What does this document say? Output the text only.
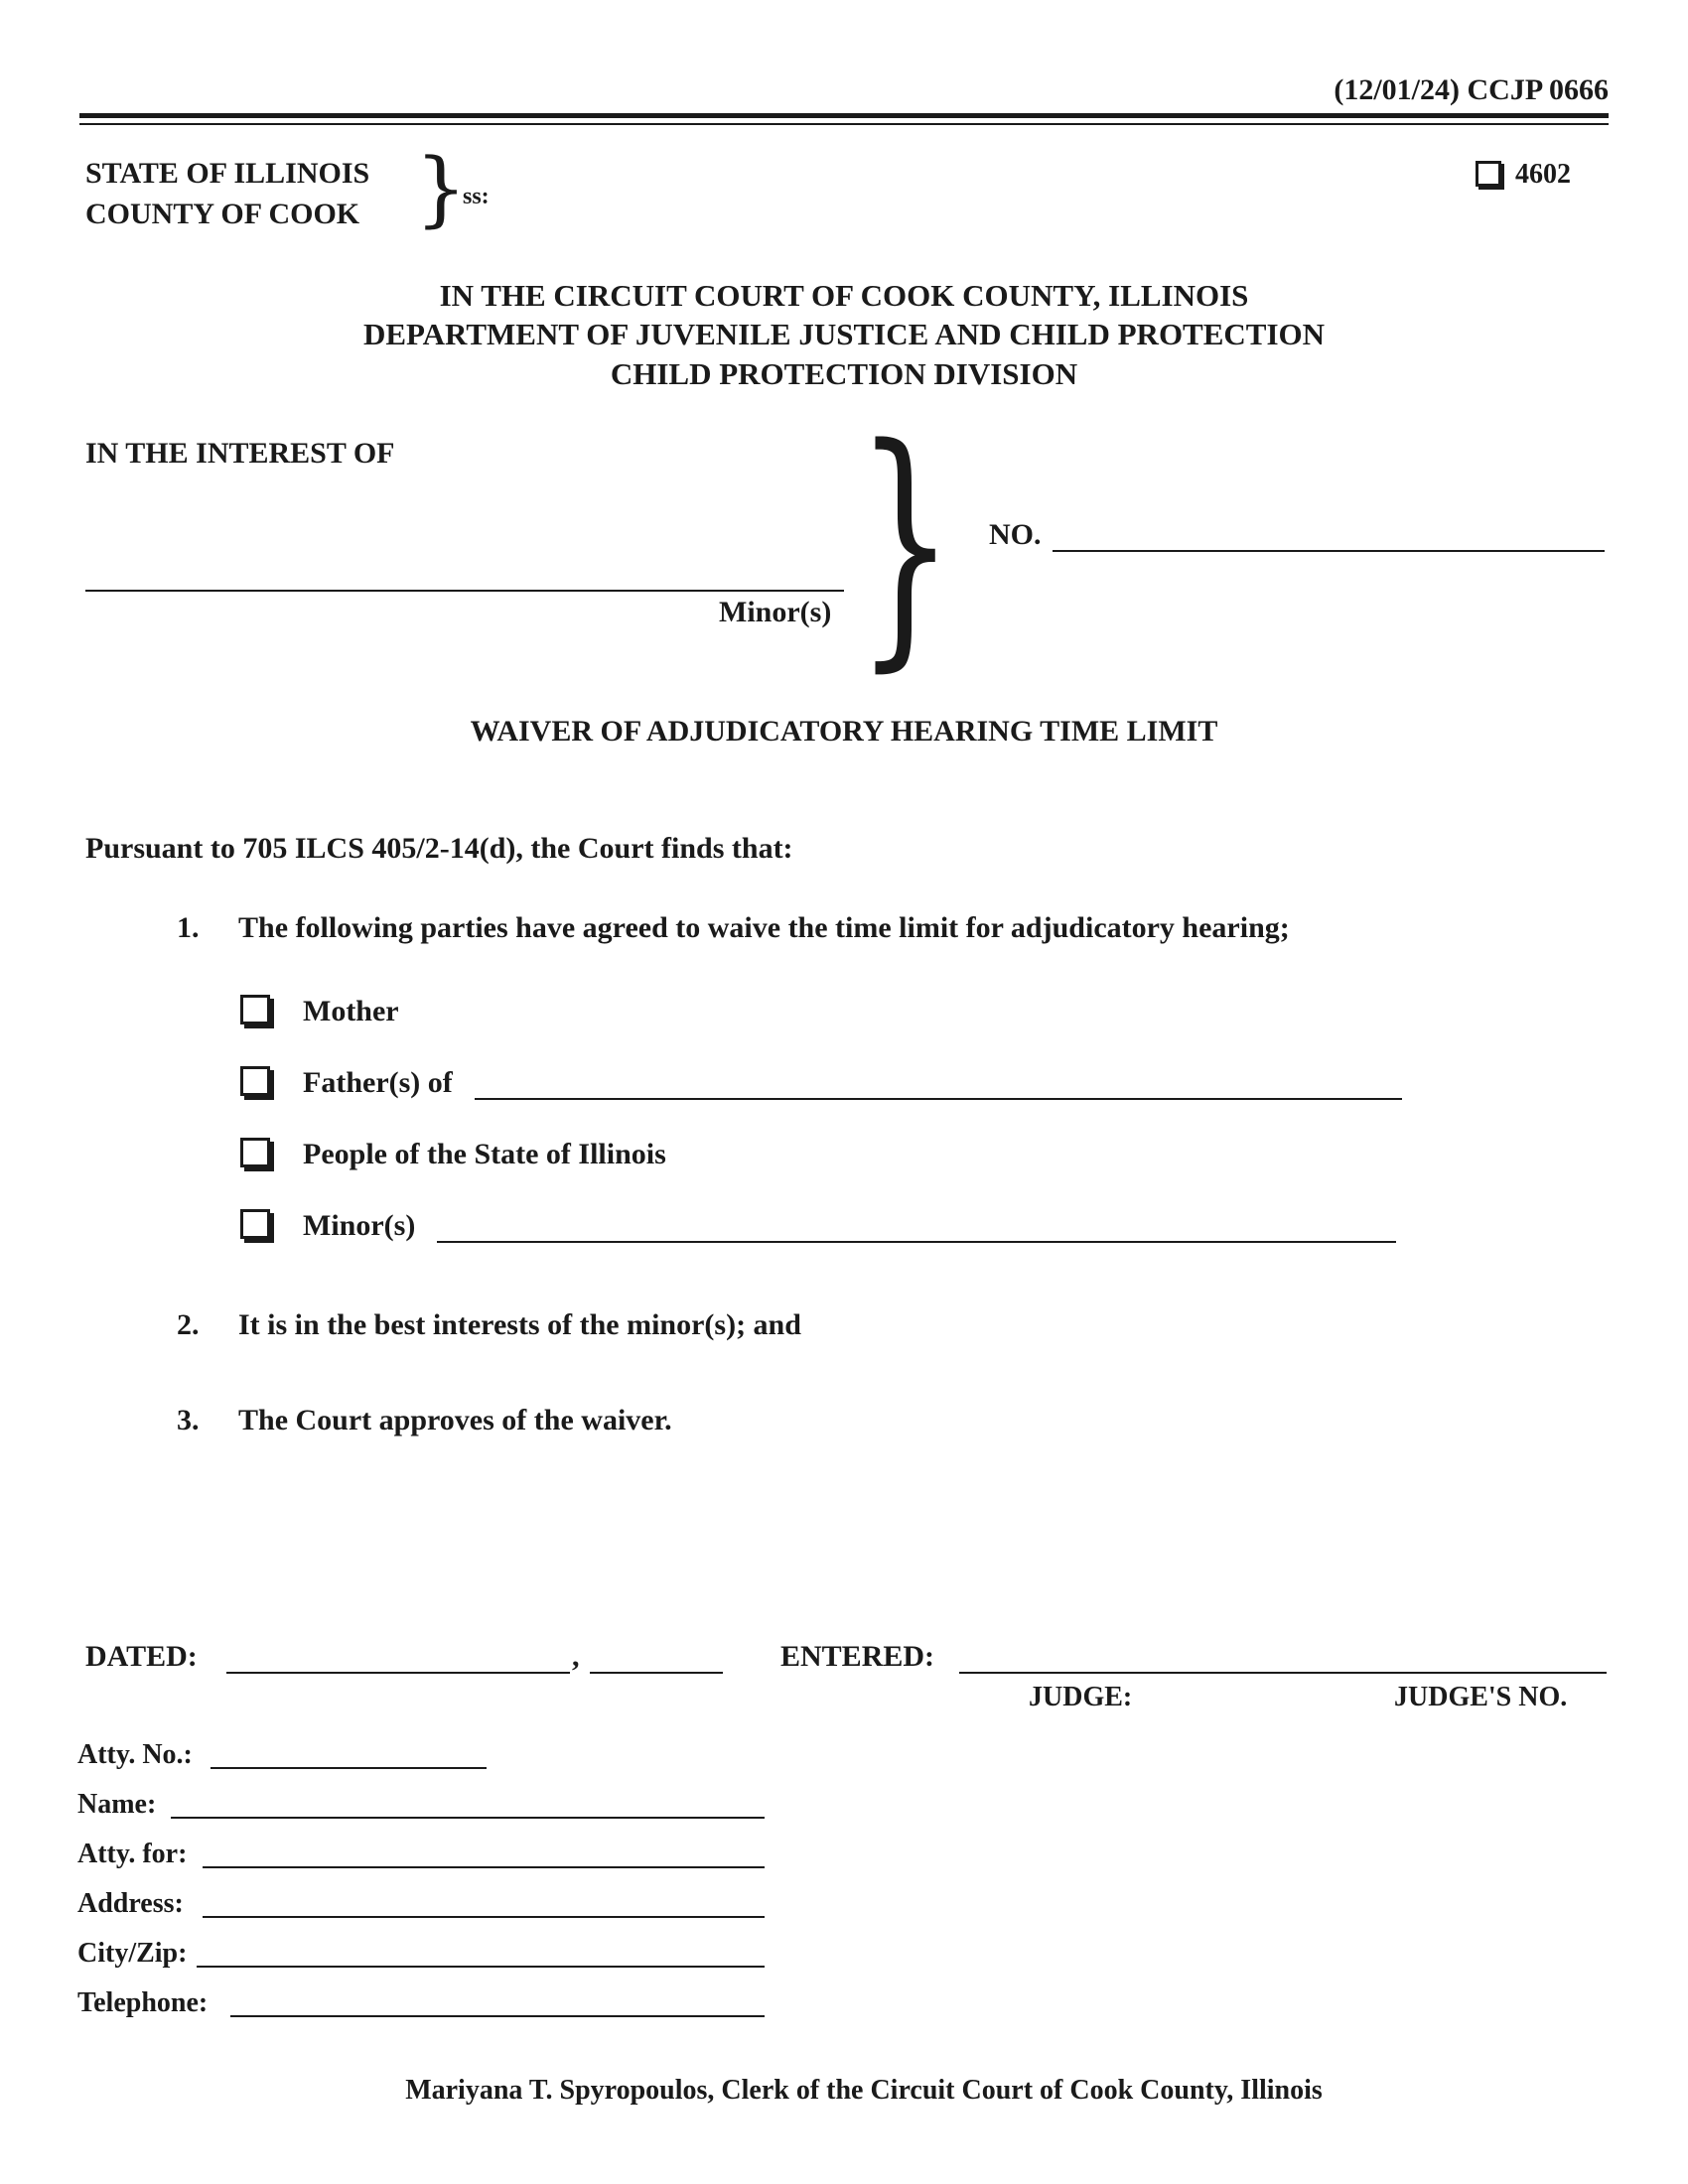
(12/01/24) CCJP 0666
STATE OF ILLINOIS
COUNTY OF COOK }
ss:
4602
IN THE CIRCUIT COURT OF COOK COUNTY, ILLINOIS
DEPARTMENT OF JUVENILE JUSTICE AND CHILD PROTECTION
CHILD PROTECTION DIVISION
IN THE INTEREST OF
Minor(s) } NO.
WAIVER OF ADJUDICATORY HEARING TIME LIMIT
Pursuant to 705 ILCS 405/2-14(d), the Court finds that:
1. The following parties have agreed to waive the time limit for adjudicatory hearing;
Mother
Father(s) of
People of the State of Illinois
Minor(s)
2. It is in the best interests of the minor(s); and
3. The Court approves of the waiver.
DATED:	,	ENTERED:
JUDGE:	JUDGE'S NO.
Atty. No.:
Name:
Atty. for:
Address:
City/Zip:
Telephone:
Mariyana T. Spyropoulos, Clerk of the Circuit Court of Cook County, Illinois
